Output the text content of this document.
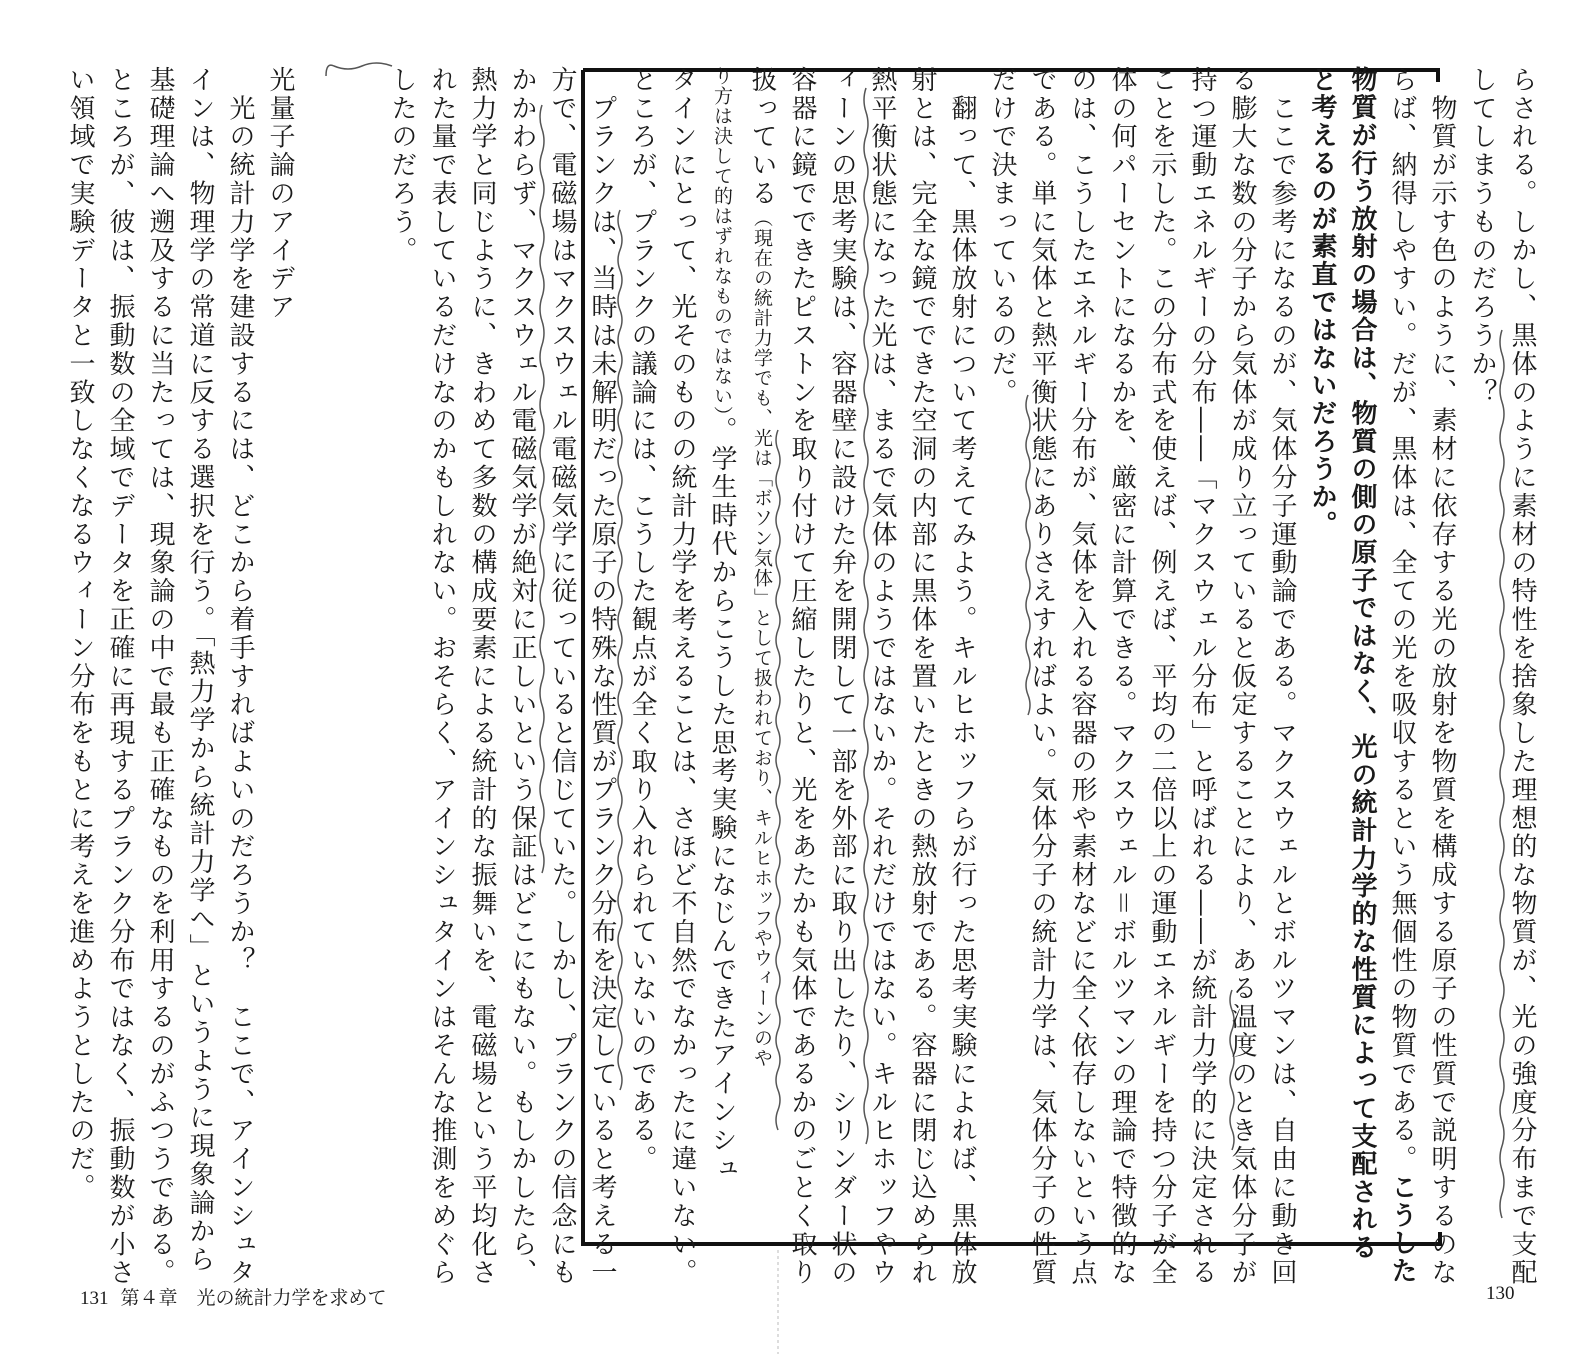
らされる。しかし、黒体のように素材の特性を捨象した理想的な物質が、光の強度分布まで支配
してしまうものだろうか？
　物質が示す色のように、素材に依存する光の放射を物質を構成する原子の性質で説明するのな
らば、納得しやすい。だが、黒体は、全ての光を吸収するという無個性の物質である。こうした
物質が行う放射の場合は、物質の側の原子ではなく、光の統計力学的な性質によって支配される
と考えるのが素直ではないだろうか。
　ここで参考になるのが、気体分子運動論である。マクスウェルとボルツマンは、自由に動き回
る膨大な数の分子から気体が成り立っていると仮定することにより、ある温度のとき気体分子が
持つ運動エネルギーの分布――「マクスウェル分布」と呼ばれる――が統計力学的に決定される
ことを示した。この分布式を使えば、例えば、平均の二倍以上の運動エネルギーを持つ分子が全
体の何パーセントになるかを、厳密に計算できる。マクスウェル＝ボルツマンの理論で特徴的な
のは、こうしたエネルギー分布が、気体を入れる容器の形や素材などに全く依存しないという点
である。単に気体と熱平衡状態にありさえすればよい。気体分子の統計力学は、気体分子の性質
だけで決まっているのだ。
　翻って、黒体放射について考えてみよう。キルヒホッフらが行った思考実験によれば、黒体放
射とは、完全な鏡でできた空洞の内部に黒体を置いたときの熱放射である。容器に閉じ込められ
熱平衡状態になった光は、まるで気体のようではないか。それだけではない。キルヒホッフやウ
ィーンの思考実験は、容器壁に設けた弁を開閉して一部を外部に取り出したり、シリンダー状の
容器に鏡でできたピストンを取り付けて圧縮したりと、光をあたかも気体であるかのごとく取り
扱っている（現在の統計力学でも、光は「ボソン気体」として扱われており、キルヒホッフやウィーンのや
り方は決して的はずれなものではない）。学生時代からこうした思考実験になじんできたアインシュ
タインにとって、光そのものの統計力学を考えることは、さほど不自然でなかったに違いない。
ところが、プランクの議論には、こうした観点が全く取り入れられていないのである。
　プランクは、当時は未解明だった原子の特殊な性質がプランク分布を決定していると考える一
方で、電磁場はマクスウェル電磁気学に従っていると信じていた。しかし、プランクの信念にも
かかわらず、マクスウェル電磁気学が絶対に正しいという保証はどこにもない。もしかしたら、
熱力学と同じように、きわめて多数の構成要素による統計的な振舞いを、電磁場という平均化さ
れた量で表しているだけなのかもしれない。おそらく、アインシュタインはそんな推測をめぐら
したのだろう。
光量子論のアイデア
　光の統計力学を建設するには、どこから着手すればよいのだろうか？　ここで、アインシュタ
インは、物理学の常道に反する選択を行う。「熱力学から統計力学へ」というように現象論から
基礎理論へ遡及するに当たっては、現象論の中で最も正確なものを利用するのがふつうである。
ところが、彼は、振動数の全域でデータを正確に再現するプランク分布ではなく、振動数が小さ
い領域で実験データと一致しなくなるウィーン分布をもとに考えを進めようとしたのだ。
131 第４章　光の統計力学を求めて	130
